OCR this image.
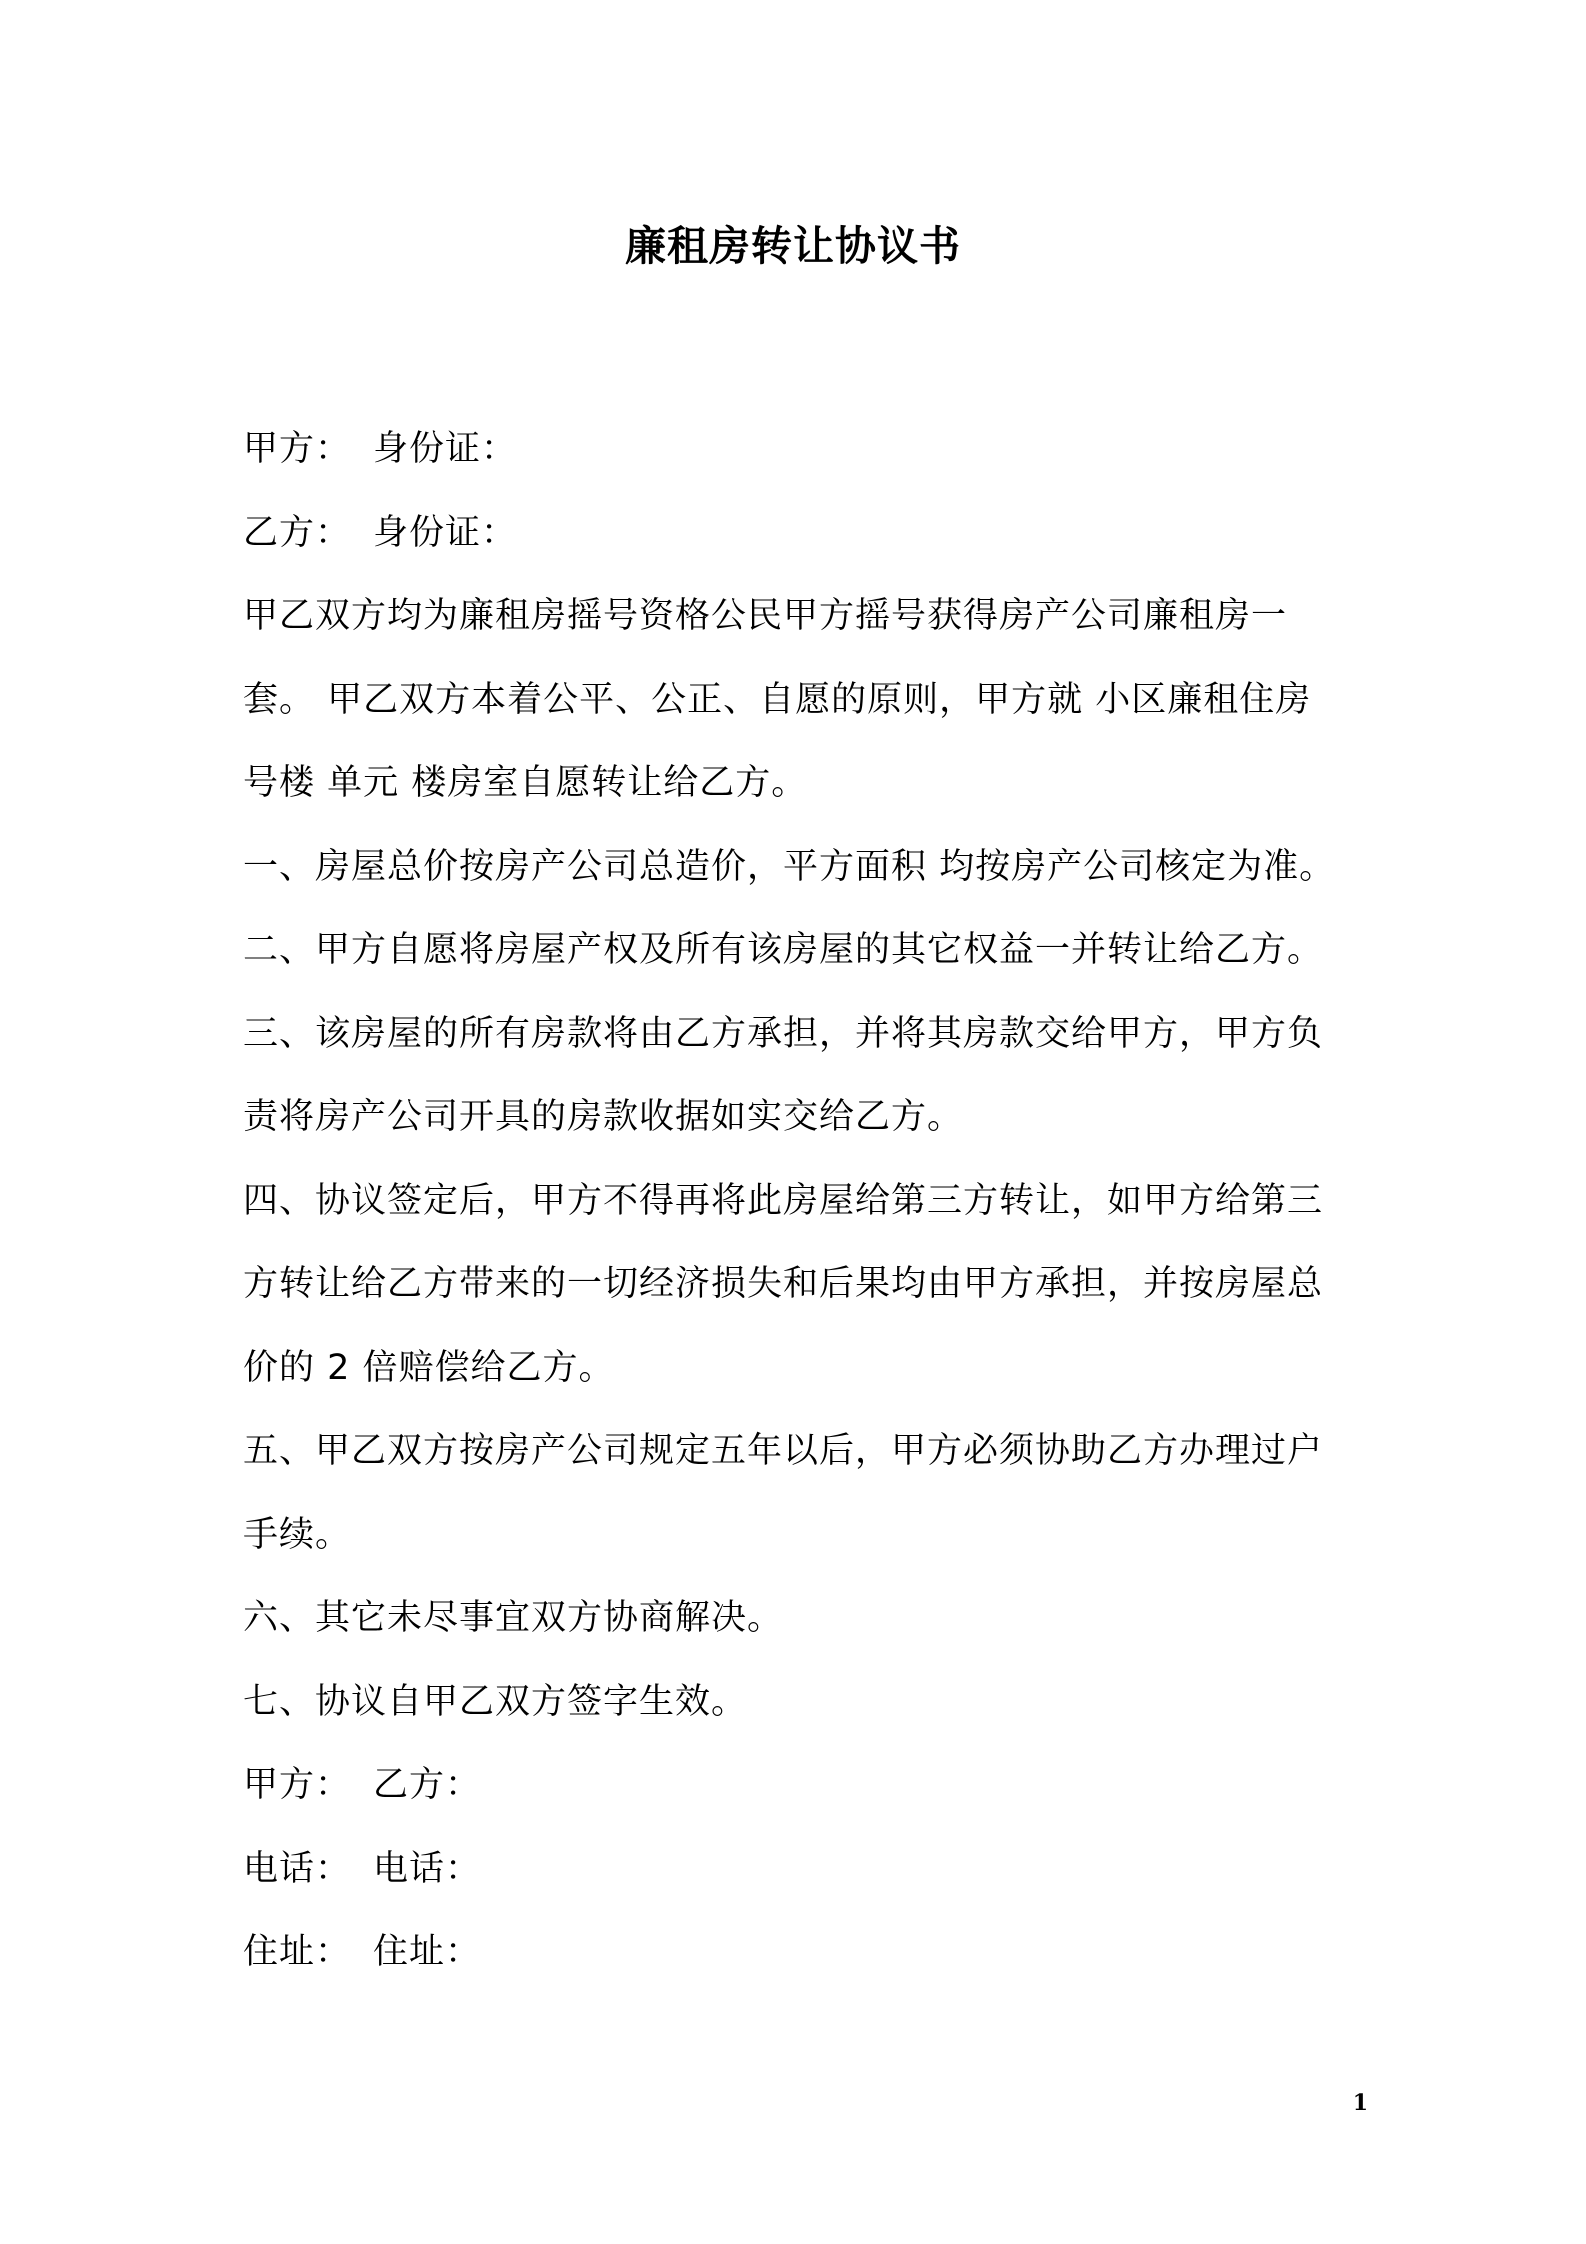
廉租房转让协议书
甲方： 身份证：
乙方： 身份证：
甲乙双方均为廉租房摇号资格公民甲方摇号获得房产公司廉租房一
套。 甲乙双方本着公平、公正、自愿的原则，甲方就 小区廉租住房
号楼 单元 楼房室自愿转让给乙方。
一、房屋总价按房产公司总造价，平方面积 均按房产公司核定为准。
二、甲方自愿将房屋产权及所有该房屋的其它权益一并转让给乙方。
三、该房屋的所有房款将由乙方承担，并将其房款交给甲方，甲方负
责将房产公司开具的房款收据如实交给乙方。
四、协议签定后，甲方不得再将此房屋给第三方转让，如甲方给第三
方转让给乙方带来的一切经济损失和后果均由甲方承担，并按房屋总
价的 2 倍赔偿给乙方。
五、甲乙双方按房产公司规定五年以后，甲方必须协助乙方办理过户
手续。
六、其它未尽事宜双方协商解决。
七、协议自甲乙双方签字生效。
甲方： 乙方：
电话： 电话：
住址： 住址：
1
